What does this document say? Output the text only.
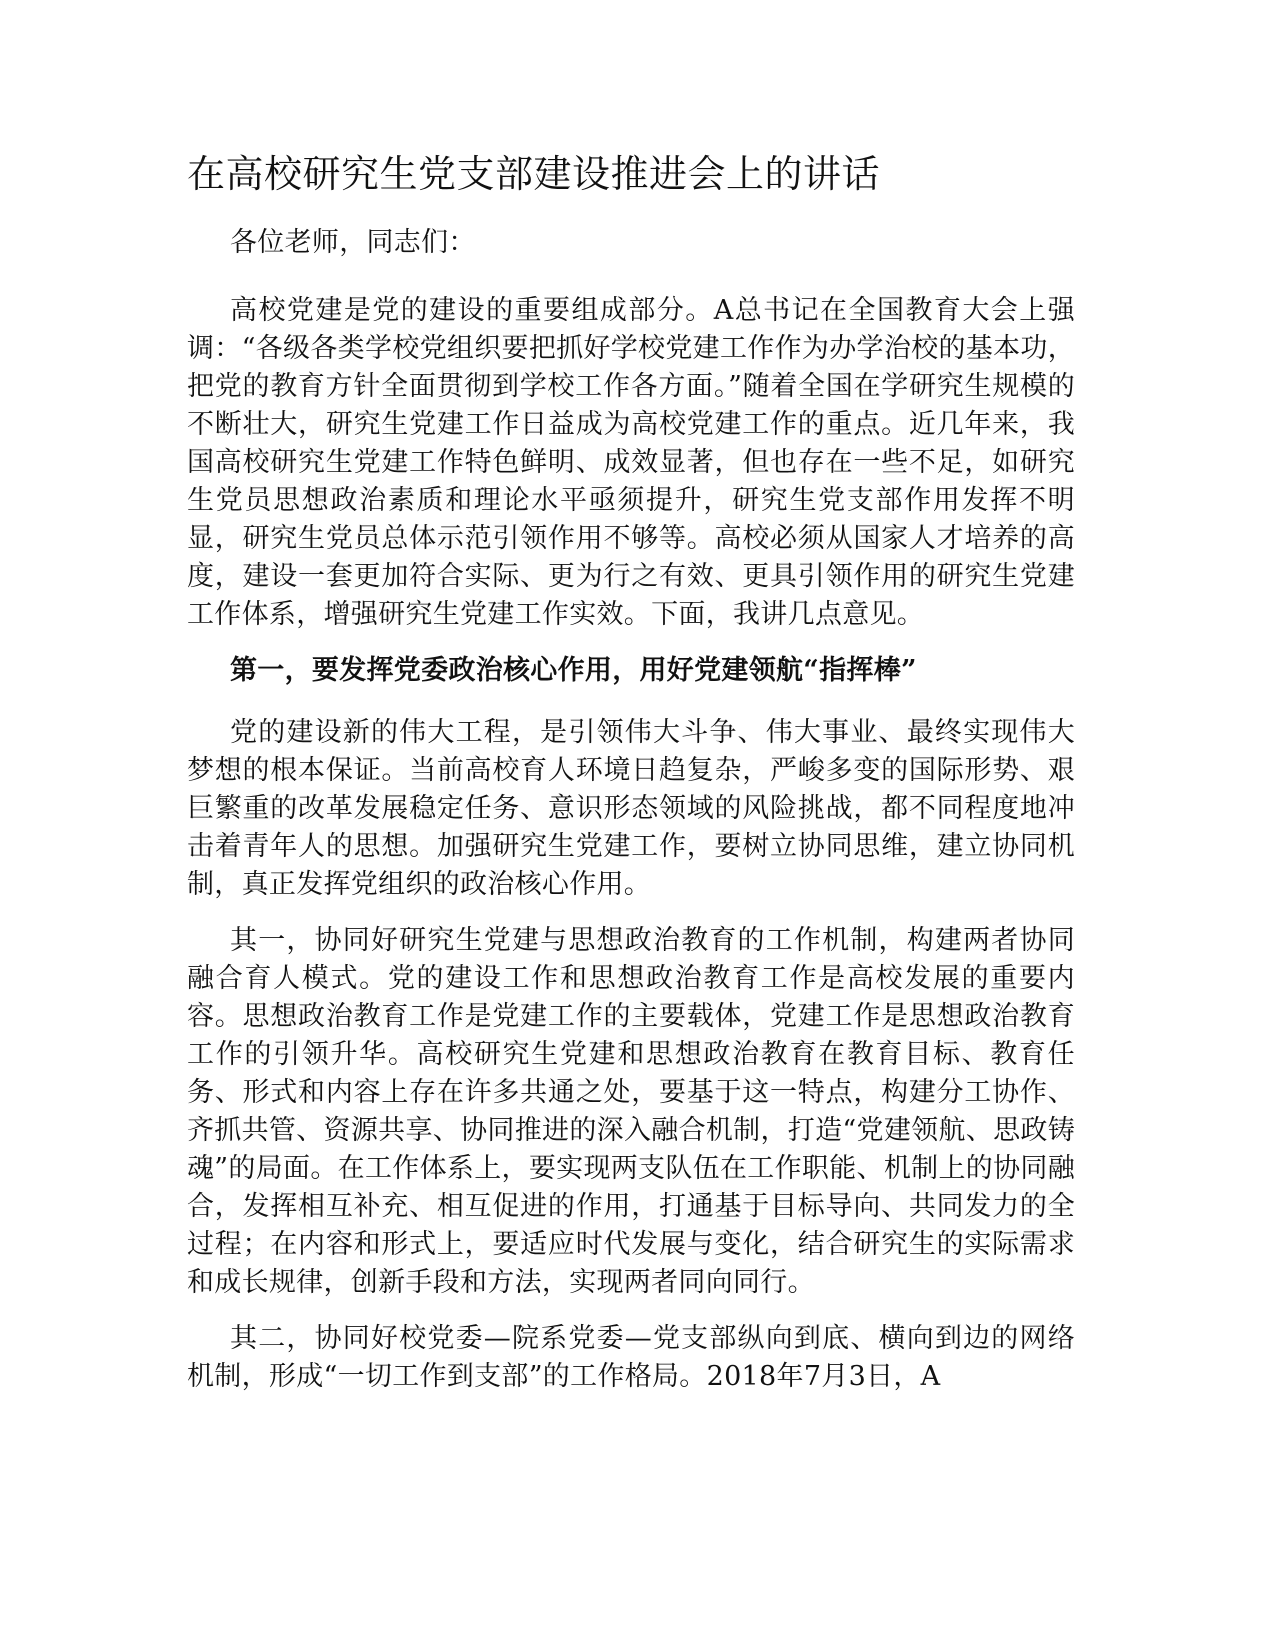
在高校研究生党支部建设推进会上的讲话

各位老师，同志们：

高校党建是党的建设的重要组成部分。A总书记在全国教育大会上强调：“各级各类学校党组织要把抓好学校党建工作作为办学治校的基本功，把党的教育方针全面贯彻到学校工作各方面。”随着全国在学研究生规模的不断壮大，研究生党建工作日益成为高校党建工作的重点。近几年来，我国高校研究生党建工作特色鲜明、成效显著，但也存在一些不足，如研究生党员思想政治素质和理论水平亟须提升，研究生党支部作用发挥不明显，研究生党员总体示范引领作用不够等。高校必须从国家人才培养的高度，建设一套更加符合实际、更为行之有效、更具引领作用的研究生党建工作体系，增强研究生党建工作实效。下面，我讲几点意见。

第一，要发挥党委政治核心作用，用好党建领航“指挥棒”

党的建设新的伟大工程，是引领伟大斗争、伟大事业、最终实现伟大梦想的根本保证。当前高校育人环境日趋复杂，严峻多变的国际形势、艰巨繁重的改革发展稳定任务、意识形态领域的风险挑战，都不同程度地冲击着青年人的思想。加强研究生党建工作，要树立协同思维，建立协同机制，真正发挥党组织的政治核心作用。

其一，协同好研究生党建与思想政治教育的工作机制，构建两者协同融合育人模式。党的建设工作和思想政治教育工作是高校发展的重要内容。思想政治教育工作是党建工作的主要载体，党建工作是思想政治教育工作的引领升华。高校研究生党建和思想政治教育在教育目标、教育任务、形式和内容上存在许多共通之处，要基于这一特点，构建分工协作、齐抓共管、资源共享、协同推进的深入融合机制，打造“党建领航、思政铸魂”的局面。在工作体系上，要实现两支队伍在工作职能、机制上的协同融合，发挥相互补充、相互促进的作用，打通基于目标导向、共同发力的全过程；在内容和形式上，要适应时代发展与变化，结合研究生的实际需求和成长规律，创新手段和方法，实现两者同向同行。

其二，协同好校党委—院系党委—党支部纵向到底、横向到边的网络机制，形成“一切工作到支部”的工作格局。2018年7月3日，A
